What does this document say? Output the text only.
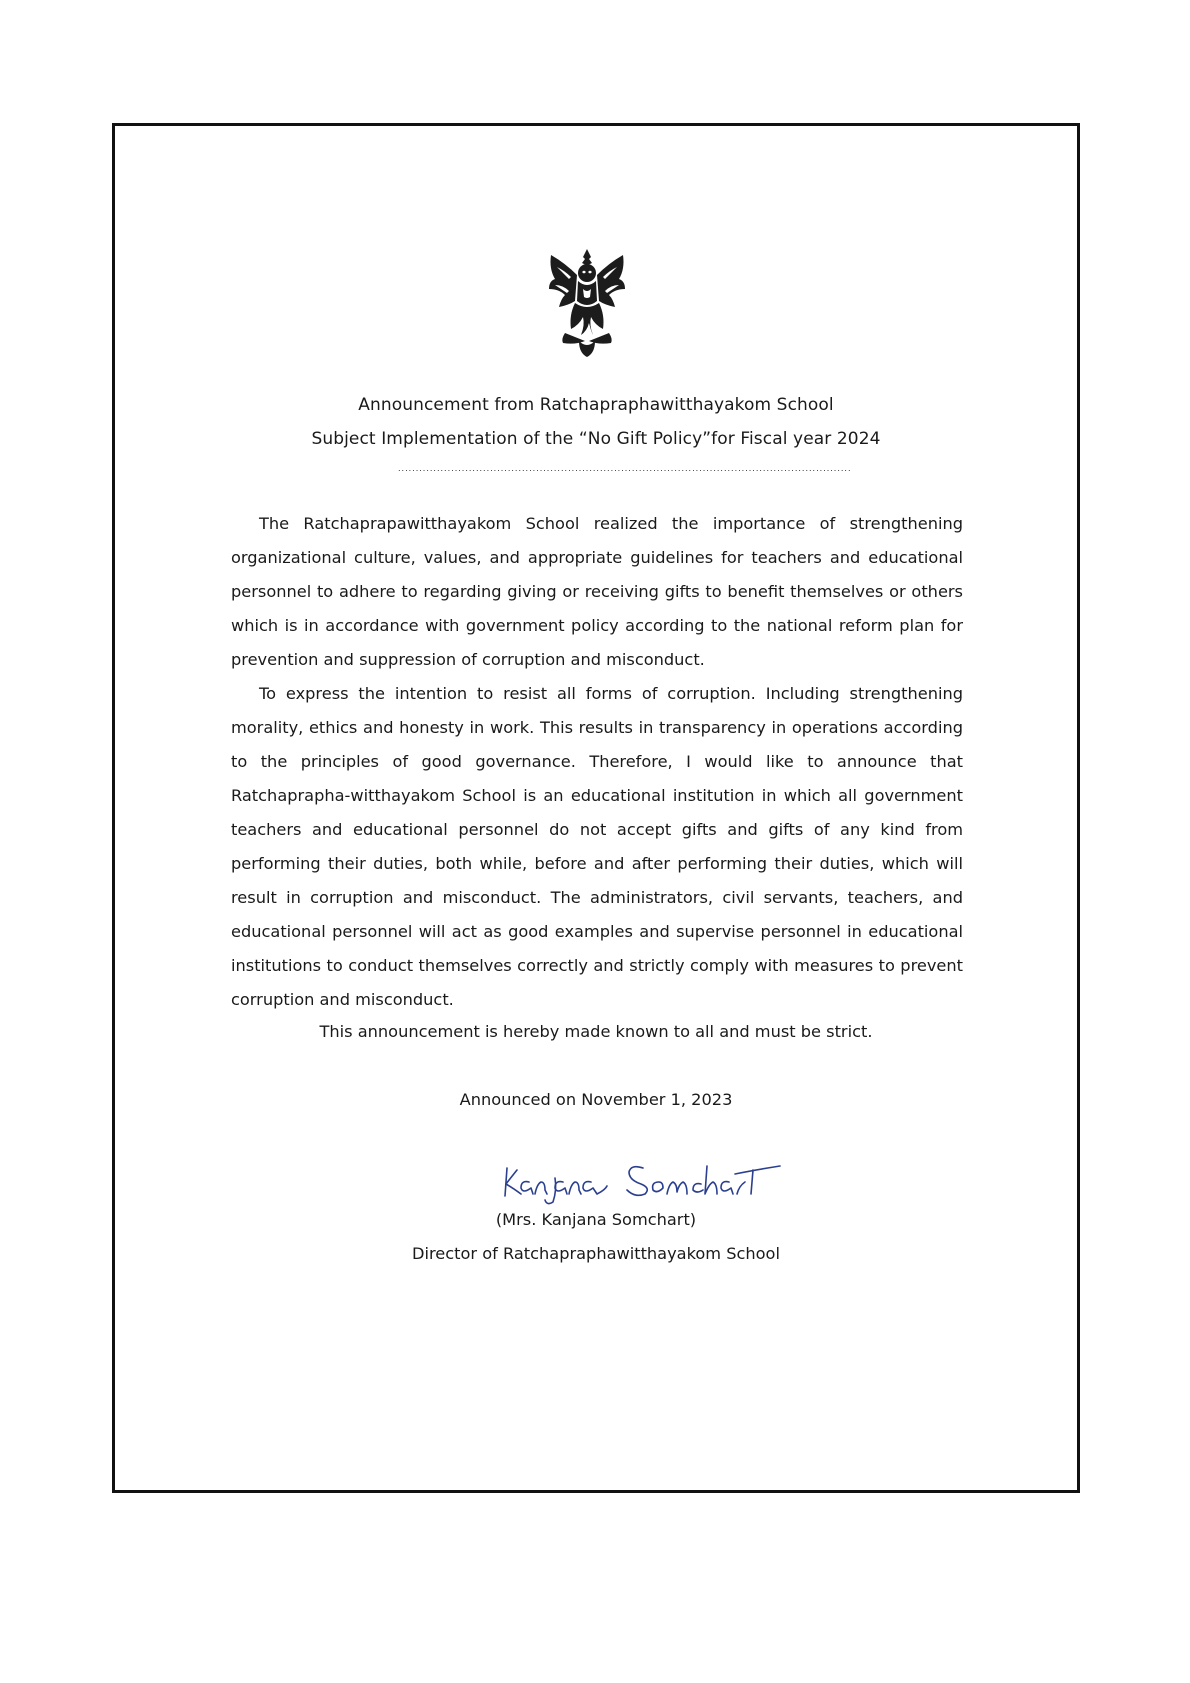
Announcement from Ratchapraphawitthayakom School
Subject Implementation of the “No Gift Policy”for Fiscal year 2024
................................................................................................................................

The Ratchaprapawitthayakom School realized the importance of strengthening organizational culture, values, and appropriate guidelines for teachers and educational personnel to adhere to regarding giving or receiving gifts to benefit themselves or others which is in accordance with government policy according to the national reform plan for prevention and suppression of corruption and misconduct.

To express the intention to resist all forms of corruption. Including strengthening morality, ethics and honesty in work. This results in transparency in operations according to the principles of good governance. Therefore, I would like to announce that Ratchaprapha-witthayakom School is an educational institution in which all government teachers and educational personnel do not accept gifts and gifts of any kind from performing their duties, both while, before and after performing their duties, which will result in corruption and misconduct. The administrators, civil servants, teachers, and educational personnel will act as good examples and supervise personnel in educational institutions to conduct themselves correctly and strictly comply with measures to prevent corruption and misconduct.

This announcement is hereby made known to all and must be strict.
Announced on November 1, 2023
(Mrs. Kanjana Somchart)
Director of Ratchapraphawitthayakom School
